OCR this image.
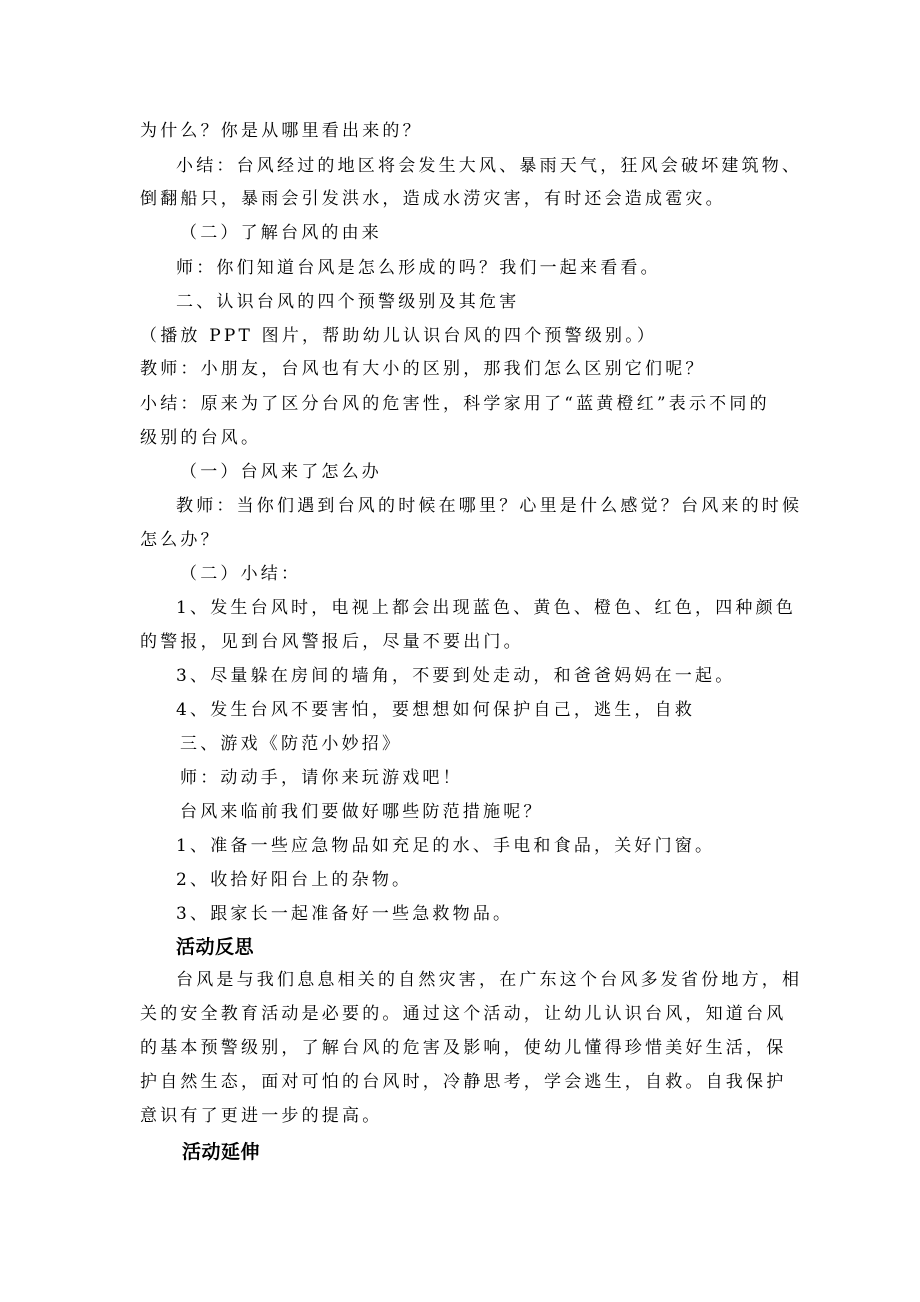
为什么？你是从哪里看出来的？
小结：台风经过的地区将会发生大风、暴雨天气，狂风会破坏建筑物、
倒翻船只，暴雨会引发洪水，造成水涝灾害，有时还会造成雹灾。
（二）了解台风的由来
师：你们知道台风是怎么形成的吗？我们一起来看看。
二、认识台风的四个预警级别及其危害
（播放 PPT 图片，帮助幼儿认识台风的四个预警级别。）
教师：小朋友，台风也有大小的区别，那我们怎么区别它们呢？
小结：原来为了区分台风的危害性，科学家用了“蓝黄橙红”表示不同的
级别的台风。
（一）台风来了怎么办
教师：当你们遇到台风的时候在哪里？心里是什么感觉？台风来的时候
怎么办？
（二）小结：
1、发生台风时，电视上都会出现蓝色、黄色、橙色、红色，四种颜色
的警报，见到台风警报后，尽量不要出门。
3、尽量躲在房间的墙角，不要到处走动，和爸爸妈妈在一起。
4、发生台风不要害怕，要想想如何保护自己，逃生，自救
三、游戏《防范小妙招》
师：动动手，请你来玩游戏吧！
台风来临前我们要做好哪些防范措施呢？
1、准备一些应急物品如充足的水、手电和食品，关好门窗。
2、收拾好阳台上的杂物。
3、跟家长一起准备好一些急救物品。
活动反思
台风是与我们息息相关的自然灾害，在广东这个台风多发省份地方，相
关的安全教育活动是必要的。通过这个活动，让幼儿认识台风，知道台风
的基本预警级别，了解台风的危害及影响，使幼儿懂得珍惜美好生活，保
护自然生态，面对可怕的台风时，冷静思考，学会逃生，自救。自我保护
意识有了更进一步的提高。
活动延伸
